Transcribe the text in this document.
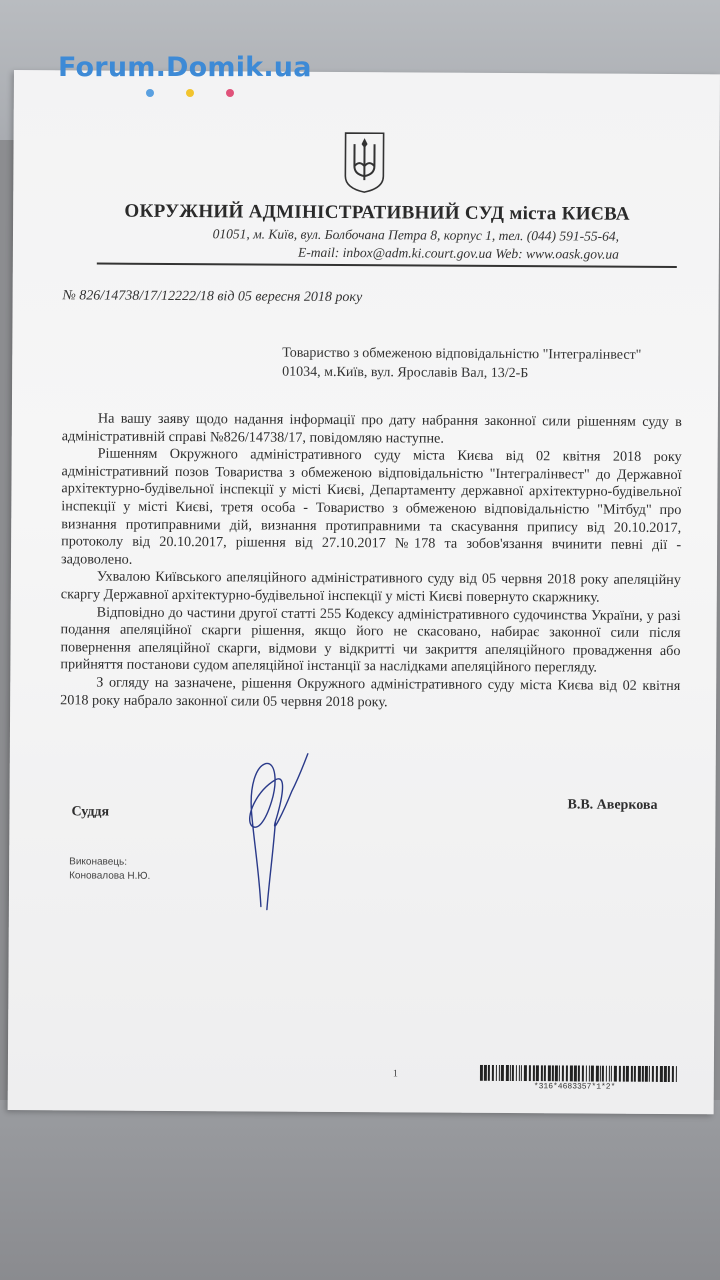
ОКРУЖНИЙ АДМІНІСТРАТИВНИЙ СУД міста КИЄВА
01051, м. Київ, вул. Болбочана Петра 8, корпус 1, тел. (044) 591-55-64,
E-mail: inbox@adm.ki.court.gov.ua Web: www.oask.gov.ua
№ 826/14738/17/12222/18 від 05 вересня 2018 року
Товариство з обмеженою відповідальністю "Інтегралінвест"
01034, м.Київ, вул. Ярославів Вал, 13/2-Б

На вашу заяву щодо надання інформації про дату набрання законної сили рішенням суду в адміністративній справі №826/14738/17, повідомляю наступне.

Рішенням Окружного адміністративного суду міста Києва від 02 квітня 2018 року адміністративний позов Товариства з обмеженою відповідальністю "Інтегралінвест" до Державної архітектурно-будівельної інспекції у місті Києві, Департаменту державної архітектурно-будівельної інспекції у місті Києві, третя особа - Товариство з обмеженою відповідальністю "Мітбуд" про визнання протиправними дій, визнання протиправними та скасування припису від 20.10.2017, протоколу від 20.10.2017, рішення від 27.10.2017 №178 та зобов'язання вчинити певні дії - задоволено.

Ухвалою Київського апеляційного адміністративного суду від 05 червня 2018 року апеляційну скаргу Державної архітектурно-будівельної інспекції у місті Києві повернуто скаржнику.

Відповідно до частини другої статті 255 Кодексу адміністративного судочинства України, у разі подання апеляційної скарги рішення, якщо його не скасовано, набирає законної сили після повернення апеляційної скарги, відмови у відкритті чи закриття апеляційного провадження або прийняття постанови судом апеляційної інстанції за наслідками апеляційного перегляду.

З огляду на зазначене, рішення Окружного адміністративного суду міста Києва від 02 квітня 2018 року набрало законної сили 05 червня 2018 року.

Суддя	В.В. Аверкова
Виконавець:
Коновалова Н.Ю.
1
*316*4683357*1*2*
Forum.Domik.ua
